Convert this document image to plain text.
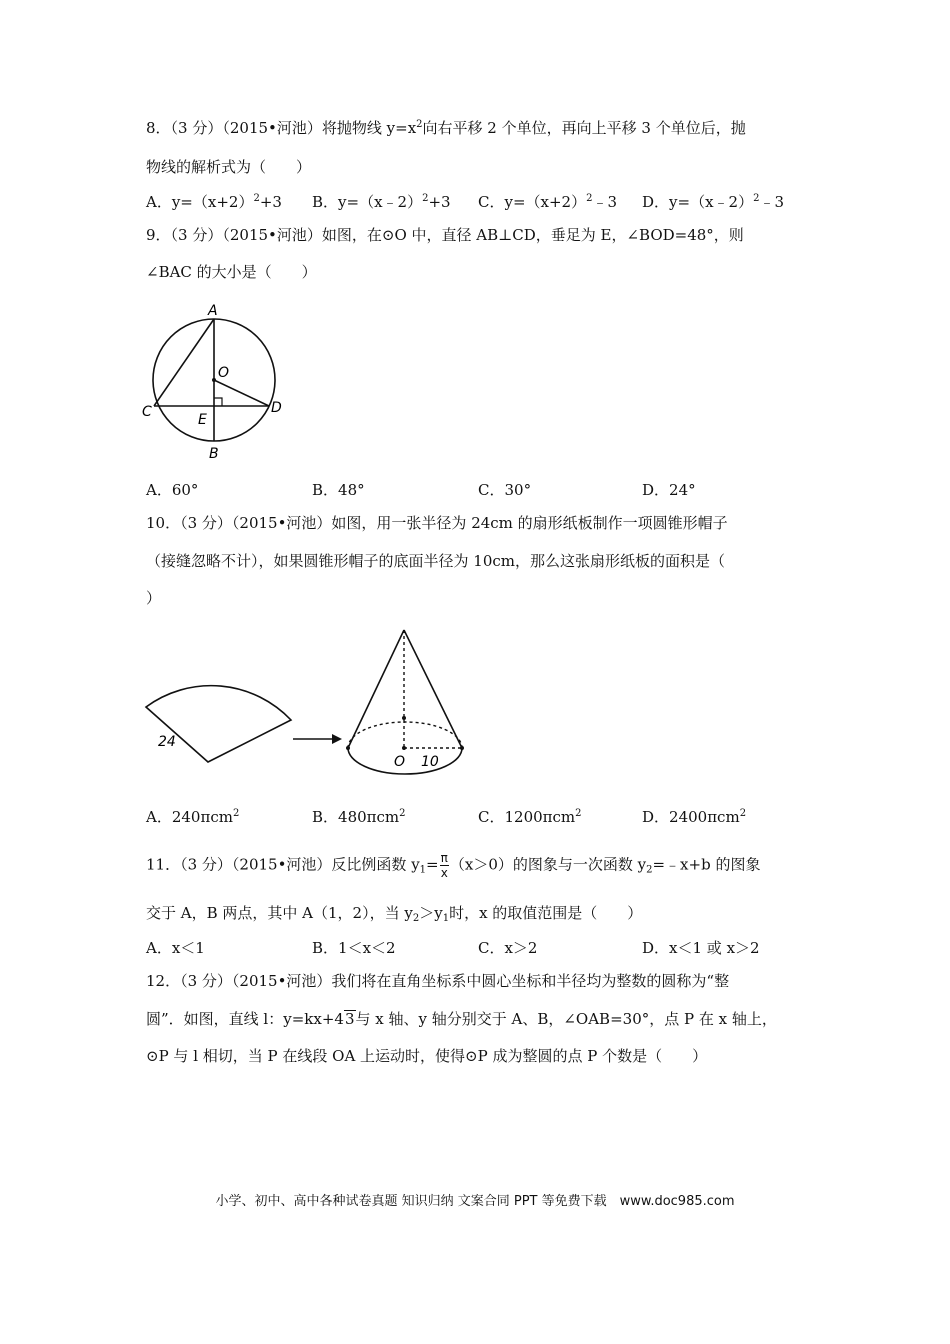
8．（3 分）（2015•河池）将抛物线 $y=x^2$向右平移 2 个单位，再向上平移 3 个单位后，抛
物线的解析式为（　　）
A．$y=(x+2)^2+3$ B．y=（x﹣2）$^2$+3 C．$y=(x+2)^2﹣3$ D．y=（x﹣2）$^2$﹣3
9．（3 分）（2015•河池）如图，在⊙O 中，直径 AB⊥CD，垂足为 E，∠BOD=48°，则
∠BAC 的大小是（　　）
A
O
C	D
E
B
A．60°	B．48°	C．30°	D．24°
10．（3 分）（2015•河池）如图，用一张半径为 24cm 的扇形纸板制作一项圆锥形帽子
（接缝忽略不计），如果圆锥形帽子的底面半径为 10cm，那么这张扇形纸板的面积是（
）
24
O 10
A．240πcm$^2$	B．480πcm$^2$	C．1200πcm$^2$	D．2400πcm$^2$
11．（3 分）（2015•河池）反比例函数 $y_1= \frac{\pi}{x} (x>0)$的图象与一次函数 $y_2=﹣x+b$ 的图象
交于 A，B 两点，其中 A（1，2），当 $y_2>y_1$时，x 的取值范围是（　　）
A．x＜1	B．1＜x＜2	C．x＞2	D．x＜1 或 x＞2
12．（3 分）（2015•河池）我们将在直角坐标系中圆心坐标和半径均为整数的圆称为“整
圆”．如图，直线 l：y=kx+43与 x 轴、y 轴分别交于 A、B，∠OAB=30°，点 P 在 x 轴上，
⊙P 与 l 相切，当 P 在线段 OA 上运动时，使得⊙P 成为整圆的点 P 个数是（　　）
小学、初中、高中各种试卷真题 知识归纳 文案合同 PPT 等免费下载　www.doc985.com
